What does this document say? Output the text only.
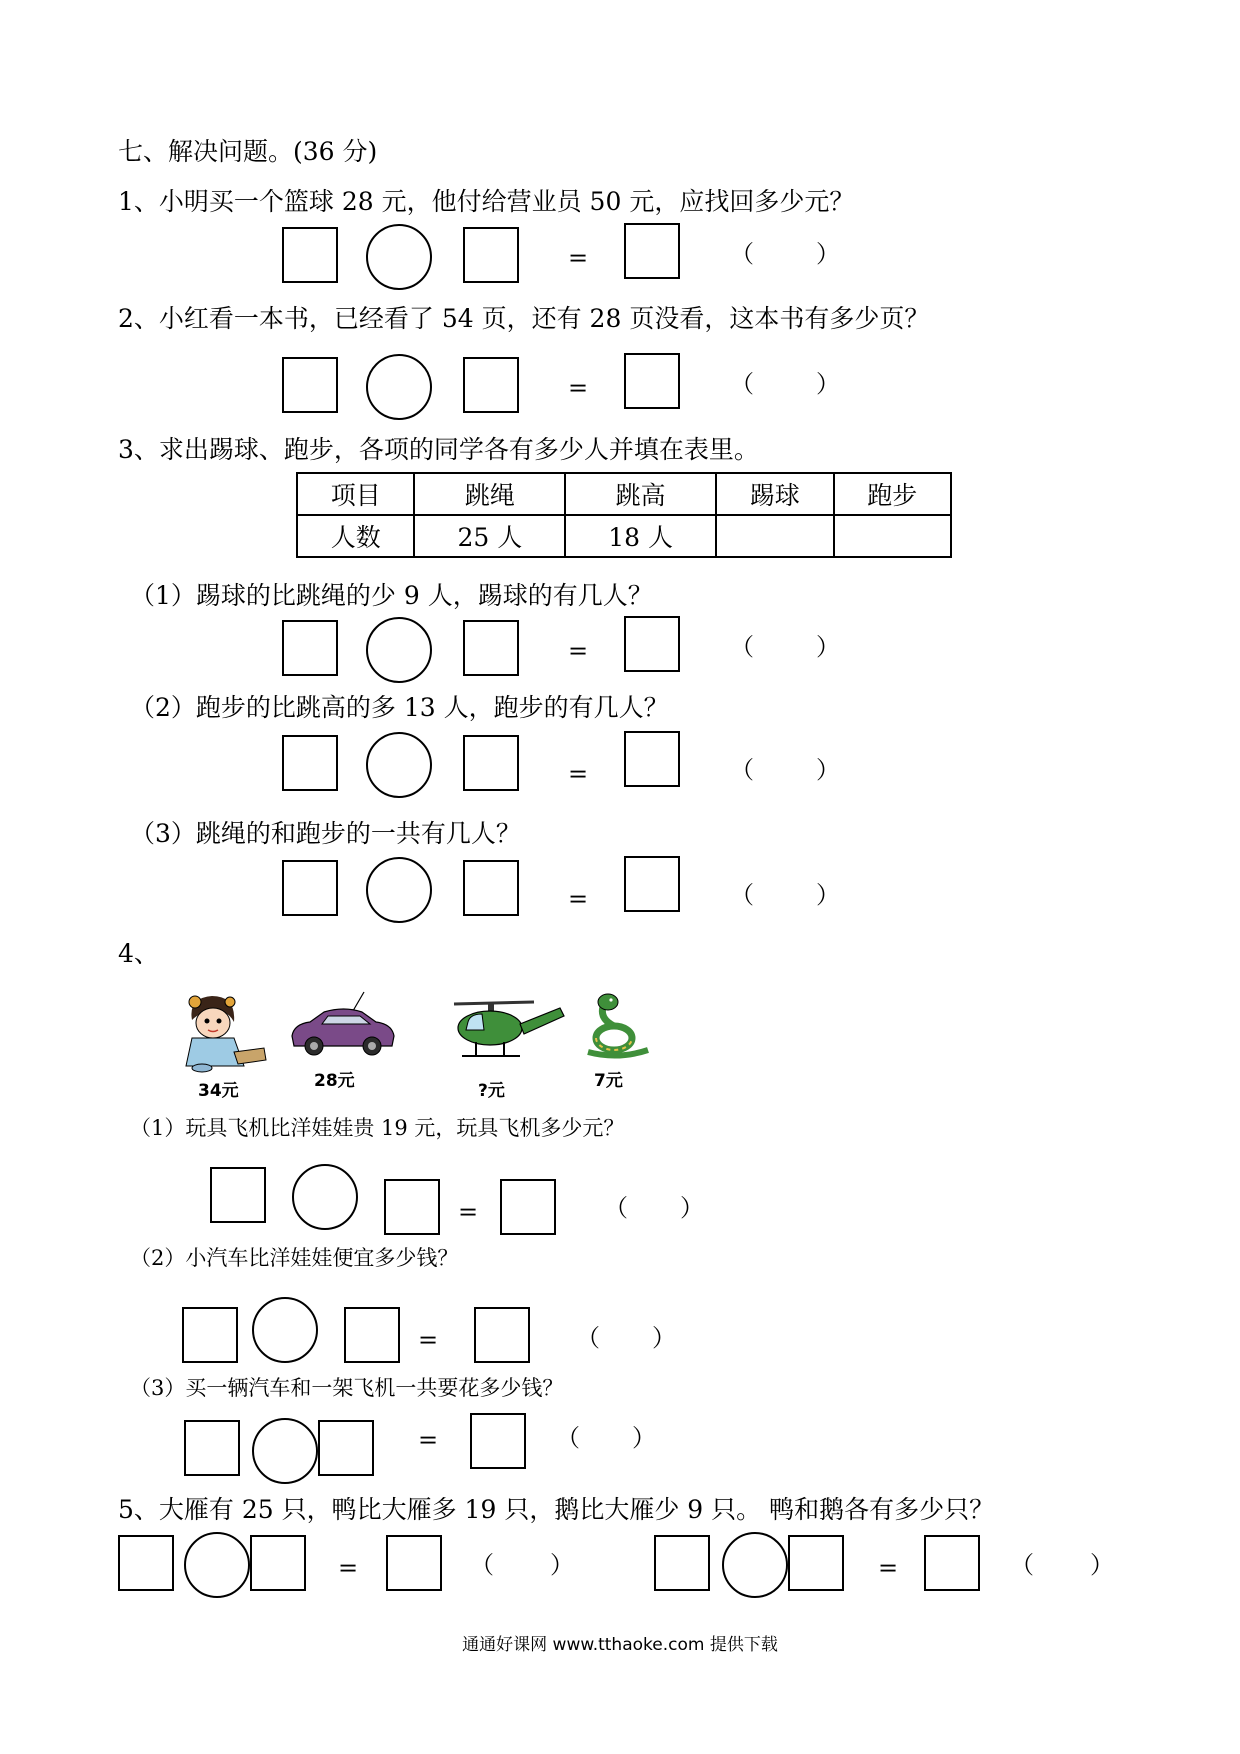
七、解决问题。(36 分)
1、小明买一个篮球 28 元，他付给营业员 50 元，应找回多少元？
=	（	）
2、小红看一本书，已经看了 54 页，还有 28 页没看，这本书有多少页？
=	（	）
3、求出踢球、跑步，各项的同学各有多少人并填在表里。
项目	跳绳	跳高	踢球	跑步
人数	25 人	18 人		
（1）踢球的比跳绳的少 9 人，踢球的有几人？
=	（	）
（2）跑步的比跳高的多 13 人，跑步的有几人？
=	（	）
（3）跳绳的和跑步的一共有几人？
=	（	）
4、
34元	28元	?元	7元
（1）玩具飞机比洋娃娃贵 19 元，玩具飞机多少元？
=	（ ）
（2）小汽车比洋娃娃便宜多少钱？
=	（ ）
（3）买一辆汽车和一架飞机一共要花多少钱？
=	（ ）
5、大雁有 25 只，鸭比大雁多 19 只，鹅比大雁少 9 只。 鸭和鹅各有多少只？
=	（ ）	=	（ ）
通通好课网 www.tthaoke.com 提供下载
